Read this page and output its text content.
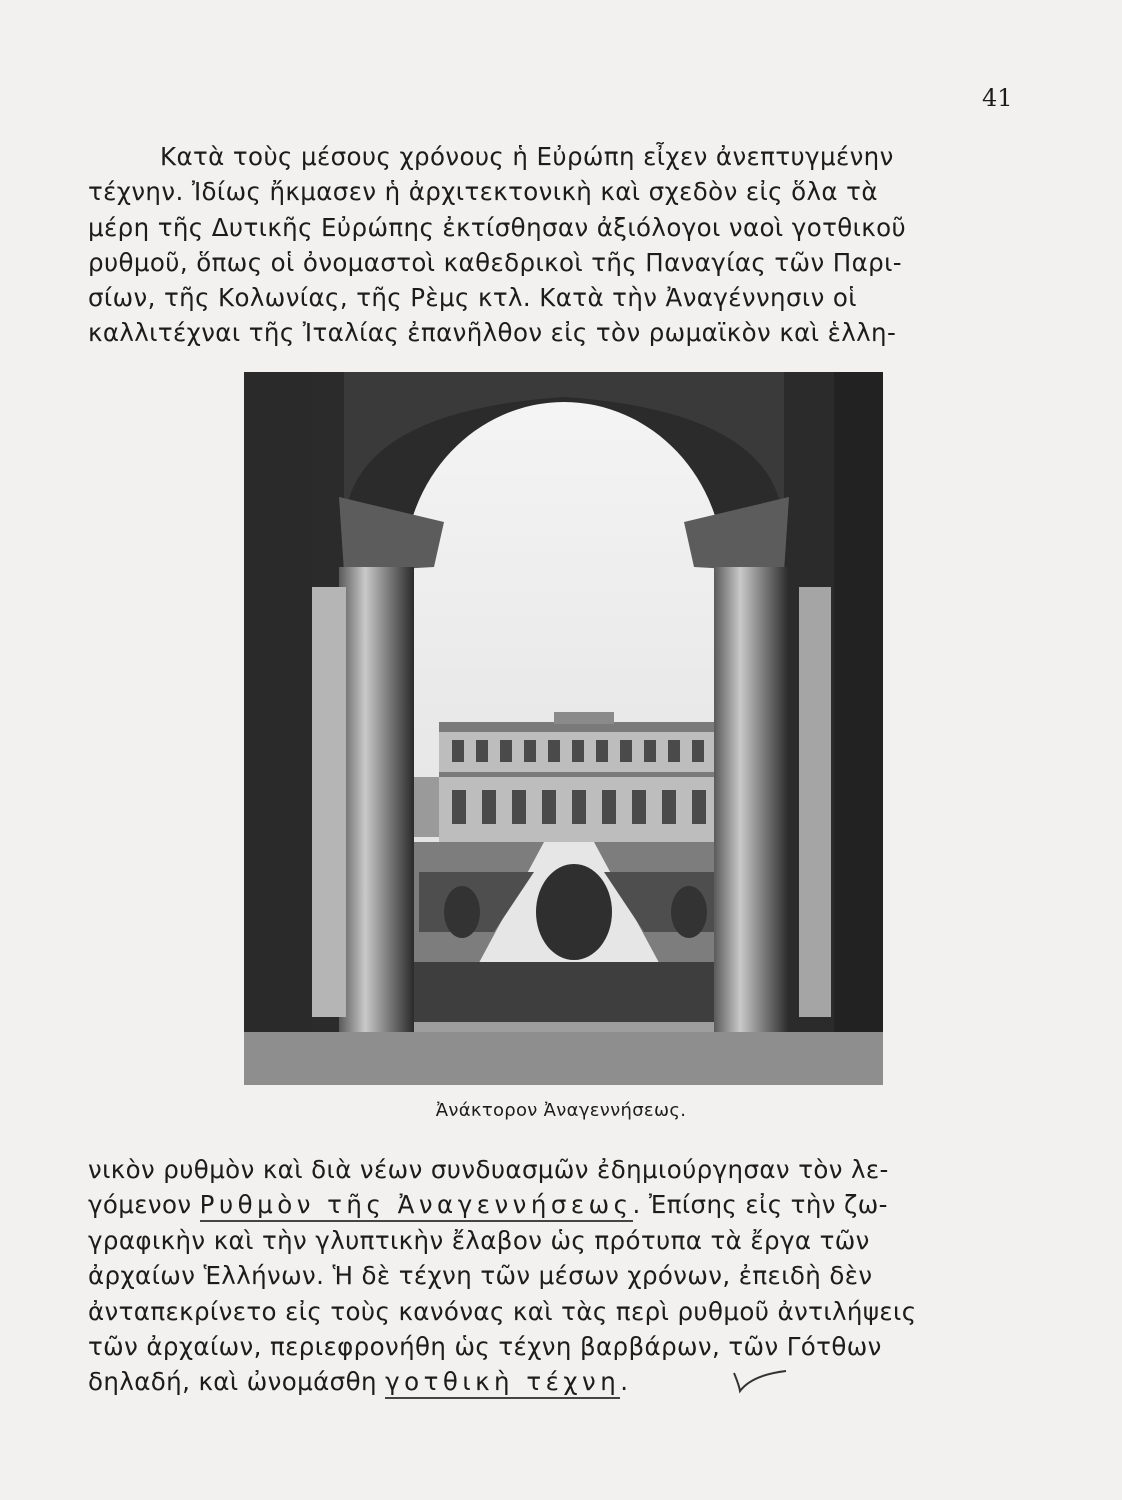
41
Κατὰ τοὺς μέσους χρόνους ἡ Εὐρώπη εἶχεν ἀνεπτυγμένην
τέχνην. Ἰδίως ἤκμασεν ἡ ἀρχιτεκτονικὴ καὶ σχεδὸν εἰς ὅλα τὰ
μέρη τῆς Δυτικῆς Εὐρώπης ἐκτίσθησαν ἀξιόλογοι ναοὶ γοτθικοῦ
ρυθμοῦ, ὅπως οἱ ὀνομαστοὶ καθεδρικοὶ τῆς Παναγίας τῶν Παρι-
σίων, τῆς Κολωνίας, τῆς Ρὲμς κτλ. Κατὰ τὴν Ἀναγέννησιν οἱ
καλλιτέχναι τῆς Ἰταλίας ἐπανῆλθον εἰς τὸν ρωμαϊκὸν καὶ ἑλλη-
Ἀνάκτορον Ἀναγεννήσεως.
νικὸν ρυθμὸν καὶ διὰ νέων συνδυασμῶν ἐδημιούργησαν τὸν λε-
γόμενον Ρυθμὸν τῆς Ἀναγεννήσεως. Ἐπίσης εἰς τὴν ζω-
γραφικὴν καὶ τὴν γλυπτικὴν ἔλαβον ὡς πρότυπα τὰ ἔργα τῶν
ἀρχαίων Ἑλλήνων. Ἡ δὲ τέχνη τῶν μέσων χρόνων, ἐπειδὴ δὲν
ἀνταπεκρίνετο εἰς τοὺς κανόνας καὶ τὰς περὶ ρυθμοῦ ἀντιλήψεις
τῶν ἀρχαίων, περιεφρονήθη ὡς τέχνη βαρβάρων, τῶν Γότθων
δηλαδή, καὶ ὠνομάσθη γοτθικὴ τέχνη.
